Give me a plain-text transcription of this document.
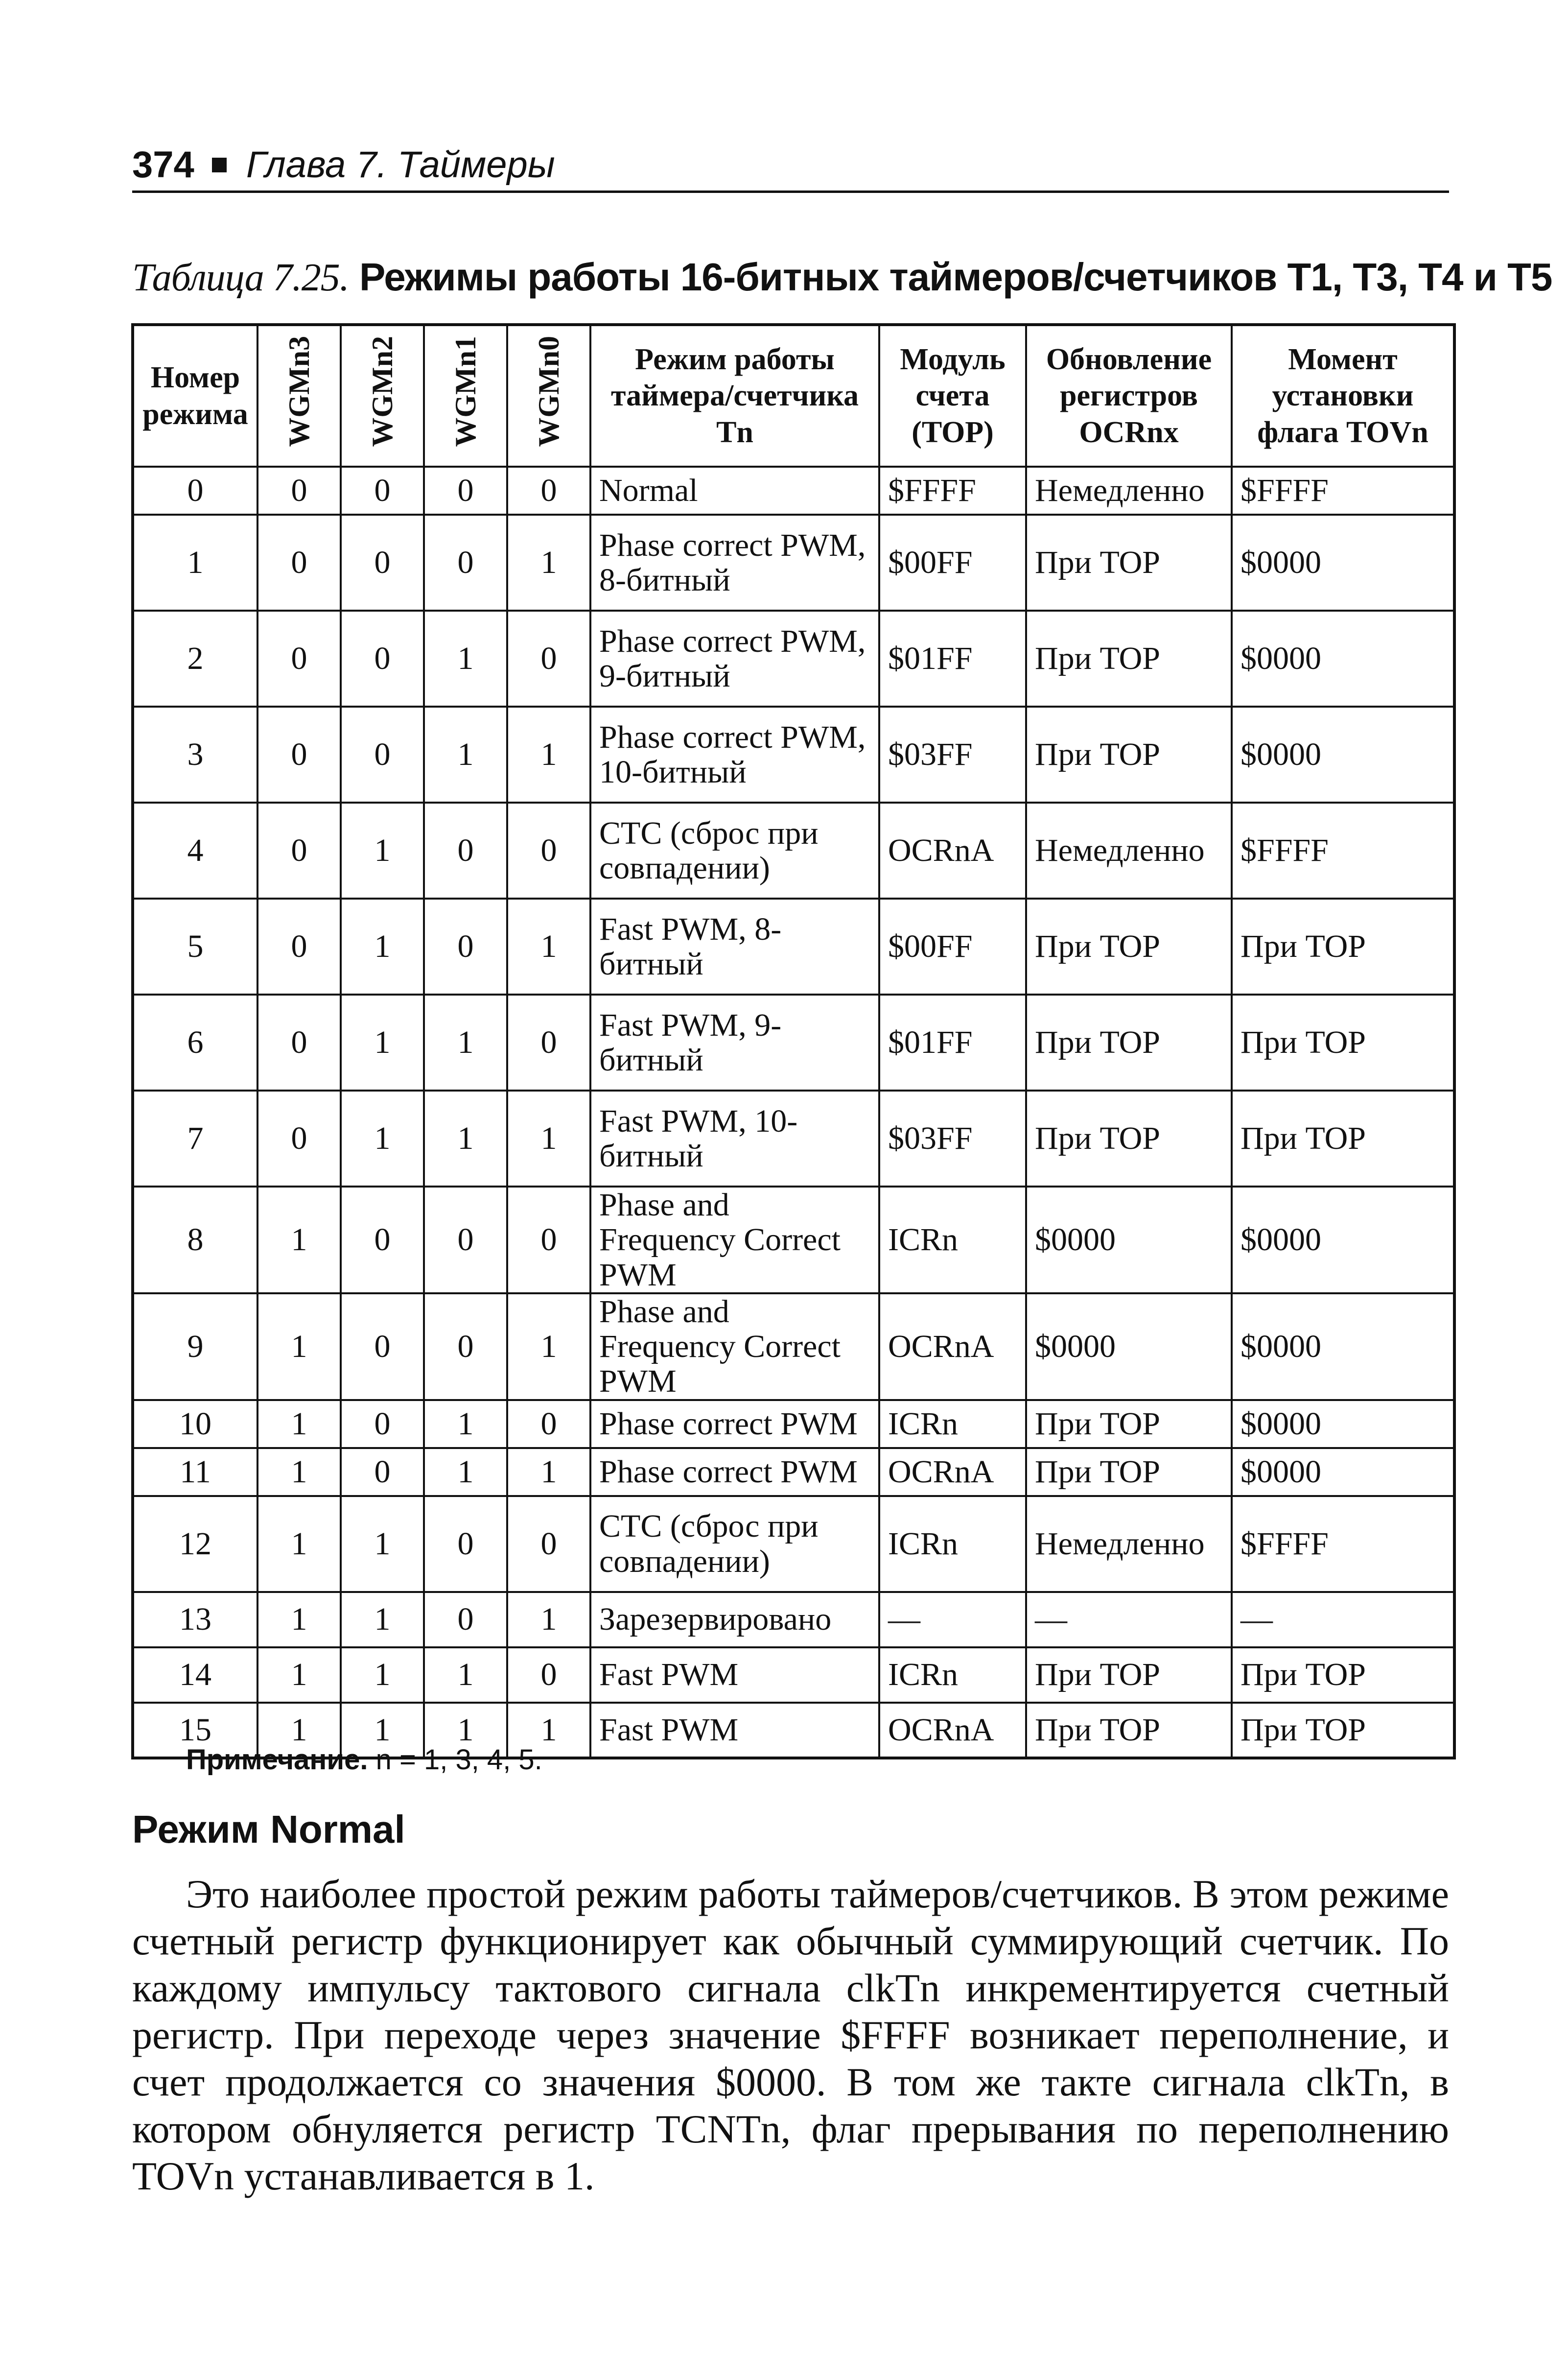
374 Глава 7. Таймеры
Таблица 7.25. Режимы работы 16-битных таймеров/счетчиков Т1, Т3, Т4 и Т5
Номер режима	WGMn3	WGMn2	WGMn1	WGMn0	Режим работы таймера/счетчика Тn	Модуль счета (TOP)	Обновление регистров OCRnx	Момент установки флага TOVn
0	0	0	0	0	Normal	$FFFF	Немедленно	$FFFF
1	0	0	0	1	Phase correct PWM, 8-битный	$00FF	При TOP	$0000
2	0	0	1	0	Phase correct PWM, 9-битный	$01FF	При TOP	$0000
3	0	0	1	1	Phase correct PWM, 10-битный	$03FF	При TOP	$0000
4	0	1	0	0	CTC (сброс при совпадении)	OCRnA	Немедленно	$FFFF
5	0	1	0	1	Fast PWM, 8-битный	$00FF	При TOP	При TOP
6	0	1	1	0	Fast PWM, 9-битный	$01FF	При TOP	При TOP
7	0	1	1	1	Fast PWM, 10-битный	$03FF	При TOP	При TOP
8	1	0	0	0	Phase and Frequency Correct PWM	ICRn	$0000	$0000
9	1	0	0	1	Phase and Frequency Correct PWM	OCRnA	$0000	$0000
10	1	0	1	0	Phase correct PWM	ICRn	При TOP	$0000
11	1	0	1	1	Phase correct PWM	OCRnA	При TOP	$0000
12	1	1	0	0	CTC (сброс при совпадении)	ICRn	Немедленно	$FFFF
13	1	1	0	1	Зарезервировано	—	—	—
14	1	1	1	0	Fast PWM	ICRn	При TOP	При TOP
15	1	1	1	1	Fast PWM	OCRnA	При TOP	При TOP
Примечание. n = 1, 3, 4, 5.
Режим Normal
Это наиболее простой режим работы таймеров/счетчиков. В этом режиме счетный регистр функционирует как обычный суммирующий счетчик. По каждому импульсу тактового сигнала clkTn инкрементируется счетный регистр. При переходе через значение $FFFF возникает переполнение, и счет продолжается со значения $0000. В том же такте сигнала clkTn, в котором обнуляется регистр TCNTn, флаг прерывания по переполнению TOVn устанавливается в 1.
